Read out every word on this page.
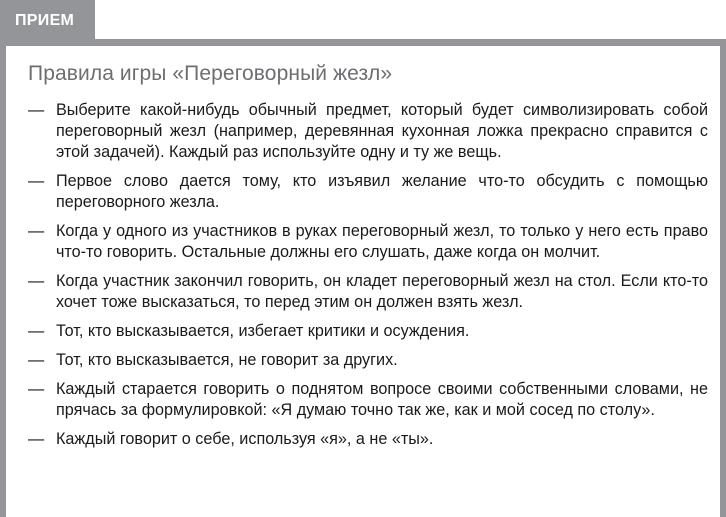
ПРИЕМ
Правила игры «Переговорный жезл»
— Выберите какой-нибудь обычный предмет, который будет символизировать собой переговорный жезл (например, деревянная кухонная ложка прекрасно справится с этой задачей). Каждый раз используйте одну и ту же вещь.
— Первое слово дается тому, кто изъявил желание что-то обсудить с помощью переговорного жезла.
— Когда у одного из участников в руках переговорный жезл, то только у него есть право что-то говорить. Остальные должны его слушать, даже когда он молчит.
— Когда участник закончил говорить, он кладет переговорный жезл на стол. Если кто-то хочет тоже высказаться, то перед этим он должен взять жезл.
— Тот, кто высказывается, избегает критики и осуждения.
— Тот, кто высказывается, не говорит за других.
— Каждый старается говорить о поднятом вопросе своими собственными словами, не прячась за формулировкой: «Я думаю точно так же, как и мой сосед по столу».
— Каждый говорит о себе, используя «я», а не «ты».
